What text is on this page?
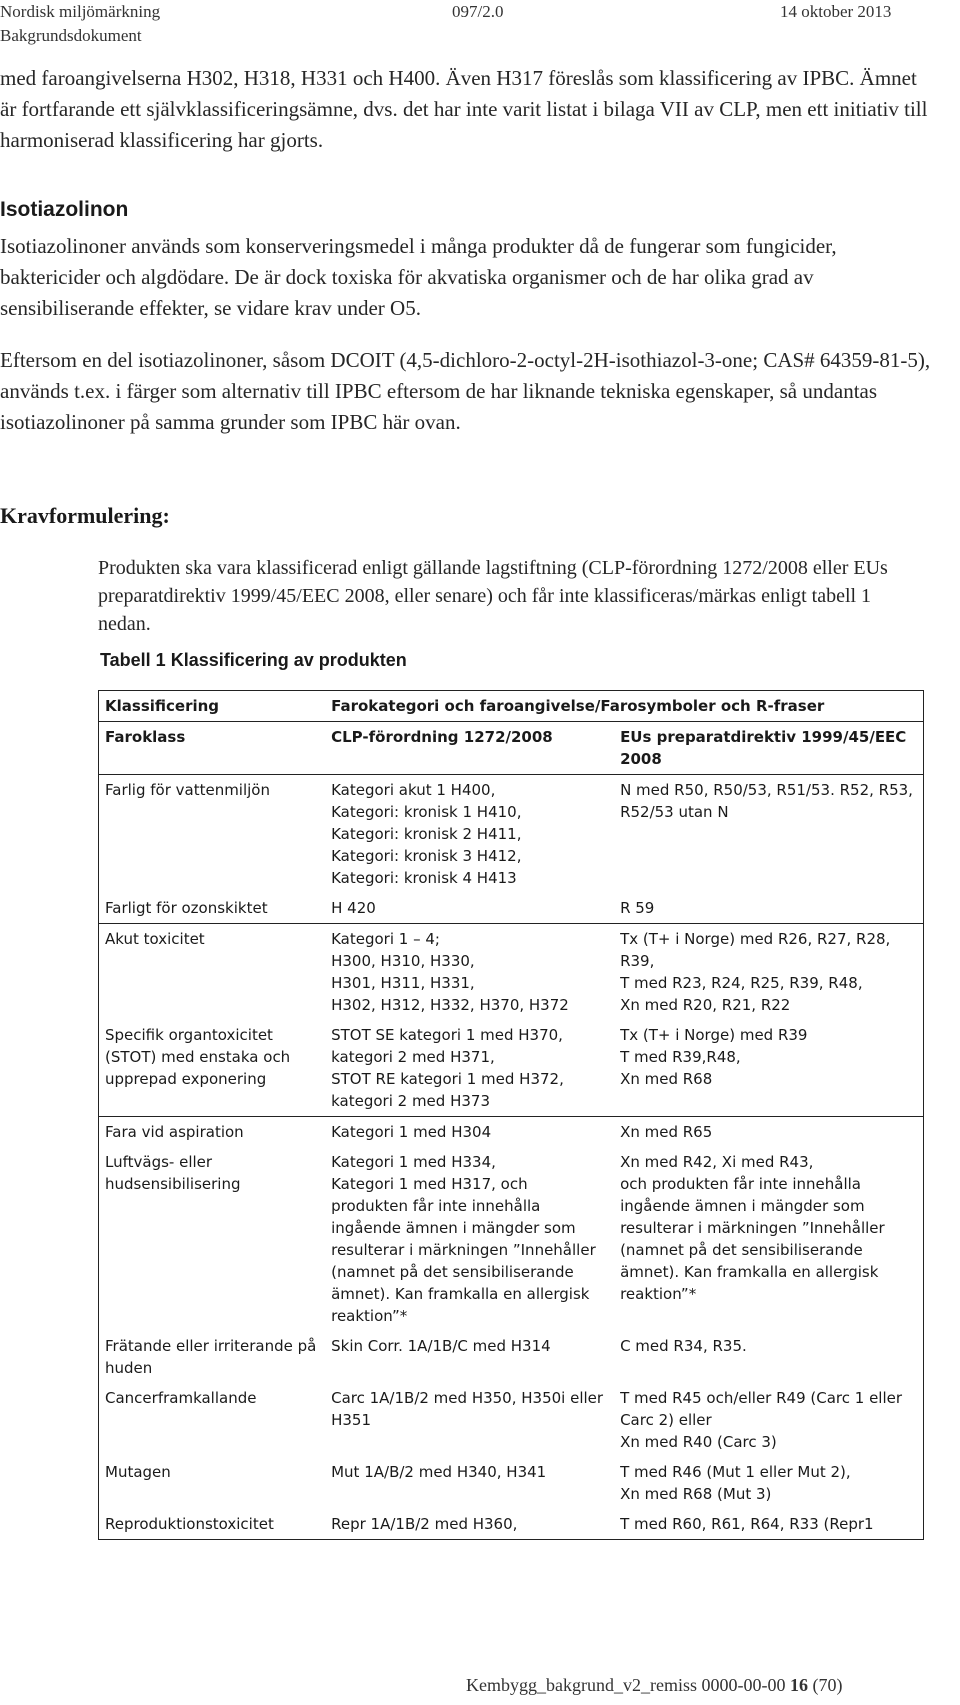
Nordisk miljömärkning
Bakgrundsdokument
097/2.0	14 oktober 2013

med faroangivelserna H302, H318, H331 och H400. Även H317 föreslås som klassificering av IPBC. Ämnet är fortfarande ett självklassificeringsämne, dvs. det har inte varit listat i bilaga VII av CLP, men ett initiativ till harmoniserad klassificering har gjorts.

Isotiazolinon

Isotiazolinoner används som konserveringsmedel i många produkter då de fungerar som fungicider, baktericider och algdödare. De är dock toxiska för akvatiska organismer och de har olika grad av sensibiliserande effekter, se vidare krav under O5.

Eftersom en del isotiazolinoner, såsom DCOIT (4,5-dichloro-2-octyl-2H-isothiazol-3-one; CAS# 64359-81-5), används t.ex. i färger som alternativ till IPBC eftersom de har liknande tekniska egenskaper, så undantas isotiazolinoner på samma grunder som IPBC här ovan.

Kravformulering:

Produkten ska vara klassificerad enligt gällande lagstiftning (CLP-förordning 1272/2008 eller EUs preparatdirektiv 1999/45/EEC 2008, eller senare) och får inte klassificeras/märkas enligt tabell 1 nedan.

Tabell 1 Klassificering av produkten
Klassificering	Farokategori och faroangivelse/Farosymboler och R-fraser	
Faroklass	CLP-förordning 1272/2008	EUs preparatdirektiv 1999/45/EEC 2008
Farlig för vattenmiljön	Kategori akut 1 H400,
Kategori: kronisk 1 H410,
Kategori: kronisk 2 H411,
Kategori: kronisk 3 H412,
Kategori: kronisk 4 H413	N med R50, R50/53, R51/53. R52, R53, R52/53 utan N

Farligt för ozonskiktet	H 420	R 59

Akut toxicitet	Kategori 1 – 4;
H300, H310, H330,
H301, H311, H331,
H302, H312, H332, H370, H372	Tx (T+ i Norge) med R26, R27, R28, R39,
T med R23, R24, R25, R39, R48,
Xn med R20, R21, R22

Specifik organtoxicitet (STOT) med enstaka och upprepad exponering	STOT SE kategori 1 med H370, kategori 2 med H371,
STOT RE kategori 1 med H372, kategori 2 med H373	Tx (T+ i Norge) med R39
T med R39,R48,
Xn med R68

Fara vid aspiration	Kategori 1 med H304	Xn med R65

Luftvägs- eller hudsensibilisering	Kategori 1 med H334,
Kategori 1 med H317, och produkten får inte innehålla ingående ämnen i mängder som resulterar i märkningen ”Innehåller (namnet på det sensibiliserande ämnet). Kan framkalla en allergisk reaktion”*	Xn med R42, Xi med R43,
och produkten får inte innehålla ingående ämnen i mängder som resulterar i märkningen ”Innehåller (namnet på det sensibiliserande ämnet). Kan framkalla en allergisk reaktion”*

Frätande eller irriterande på huden	Skin Corr. 1A/1B/C med H314	C med R34, R35.

Cancerframkallande	Carc 1A/1B/2 med H350, H350i eller H351	T med R45 och/eller R49 (Carc 1 eller Carc 2) eller
Xn med R40 (Carc 3)

Mutagen	Mut 1A/B/2 med H340, H341	T med R46 (Mut 1 eller Mut 2),
Xn med R68 (Mut 3)

Reproduktionstoxicitet	Repr 1A/1B/2 med H360,	T med R60, R61, R64, R33 (Repr1
Kembygg_bakgrund_v2_remiss 0000-00-00 16 (70)
